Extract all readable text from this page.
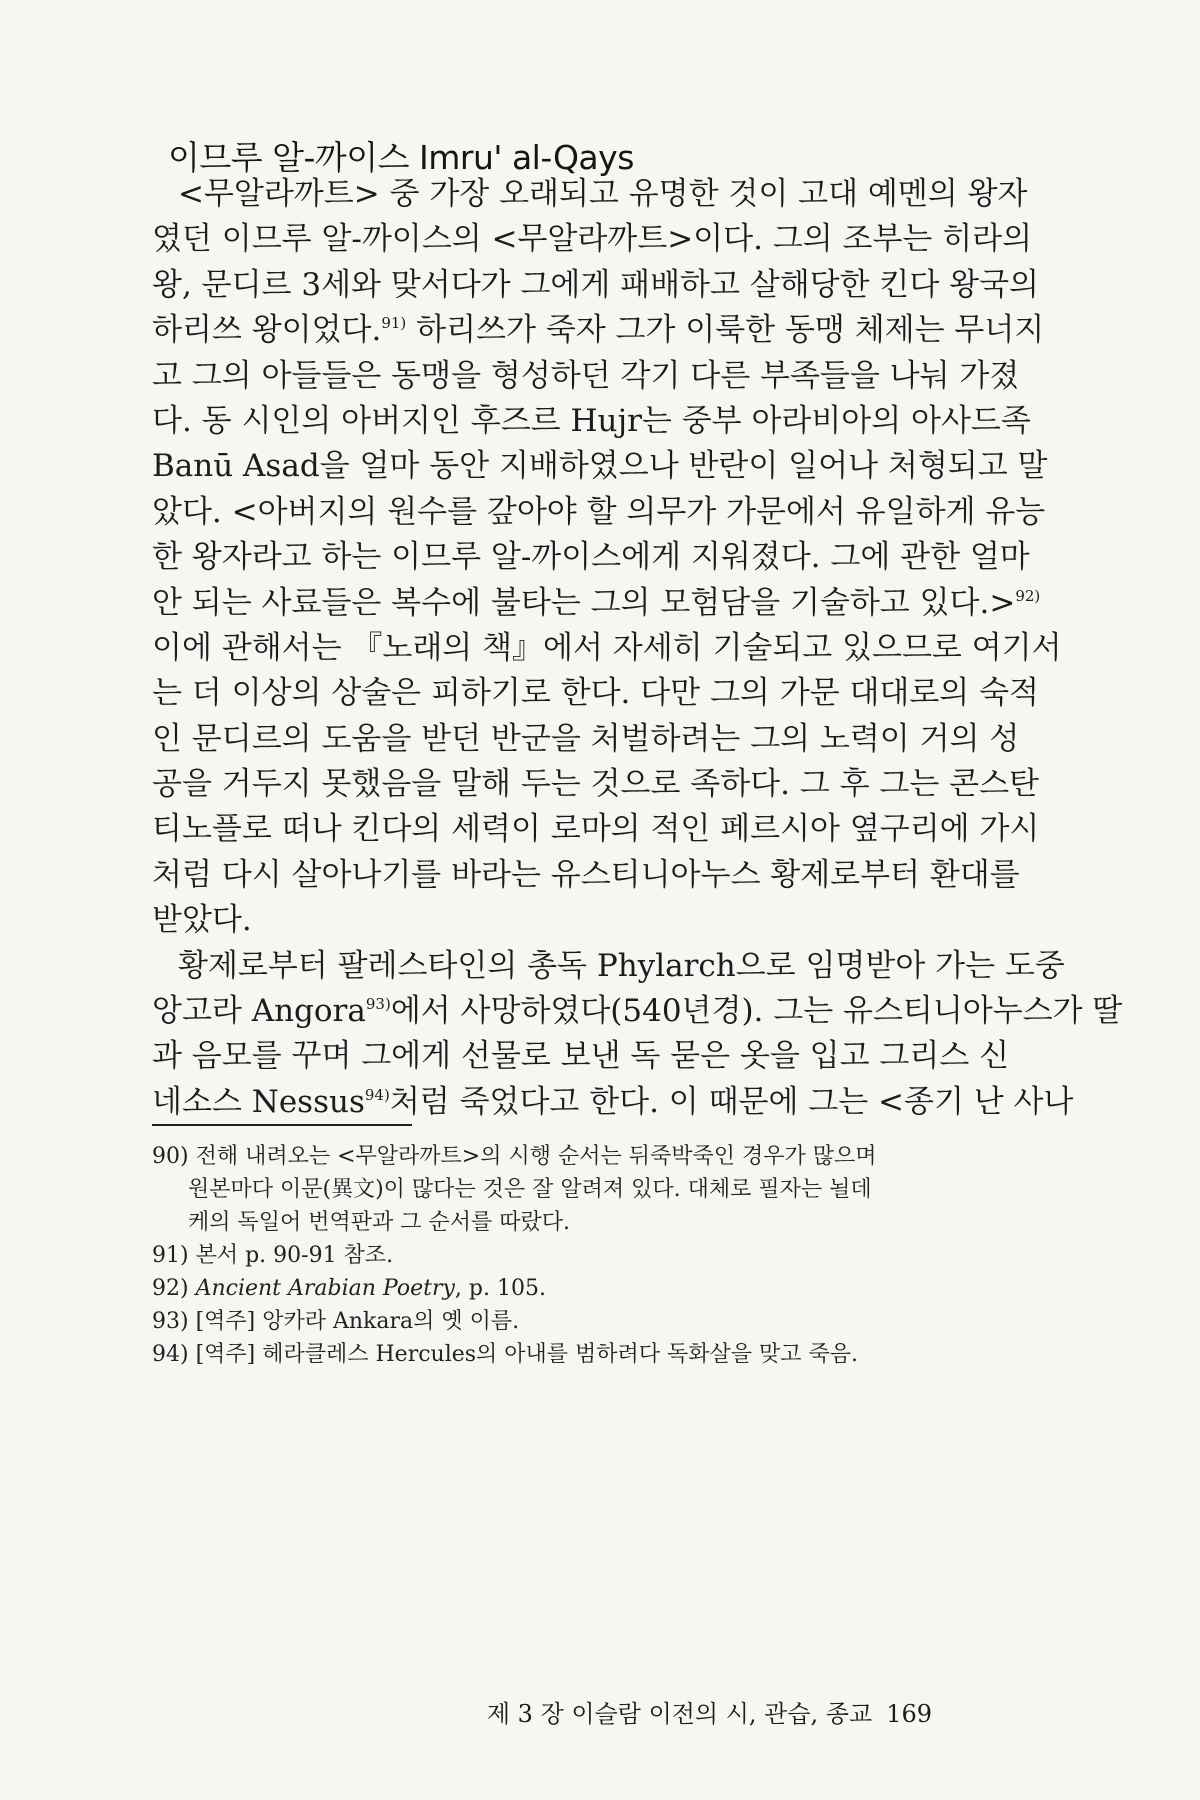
이므루 알-까이스 Imru' al-Qays
<무알라까트> 중 가장 오래되고 유명한 것이 고대 예멘의 왕자
였던 이므루 알-까이스의 <무알라까트>이다. 그의 조부는 히라의
왕, 문디르 3세와 맞서다가 그에게 패배하고 살해당한 킨다 왕국의
하리쓰 왕이었다.$^{91)}$ 하리쓰가 죽자 그가 이룩한 동맹 체제는 무너지
고 그의 아들들은 동맹을 형성하던 각기 다른 부족들을 나눠 가졌
다. 동 시인의 아버지인 후즈르 Hujr는 중부 아라비아의 아사드족
Banū Asad을 얼마 동안 지배하였으나 반란이 일어나 처형되고 말
았다. <아버지의 원수를 갚아야 할 의무가 가문에서 유일하게 유능
한 왕자라고 하는 이므루 알-까이스에게 지워졌다. 그에 관한 얼마
안 되는 사료들은 복수에 불타는 그의 모험담을 기술하고 있다.>$^{92)}$
이에 관해서는 『노래의 책』에서 자세히 기술되고 있으므로 여기서
는 더 이상의 상술은 피하기로 한다. 다만 그의 가문 대대로의 숙적
인 문디르의 도움을 받던 반군을 처벌하려는 그의 노력이 거의 성
공을 거두지 못했음을 말해 두는 것으로 족하다. 그 후 그는 콘스탄
티노플로 떠나 킨다의 세력이 로마의 적인 페르시아 옆구리에 가시
처럼 다시 살아나기를 바라는 유스티니아누스 황제로부터 환대를
받았다.
황제로부터 팔레스타인의 총독 Phylarch으로 임명받아 가는 도중
앙고라 Angora$^{93)}$에서 사망하였다(540년경). 그는 유스티니아누스가 딸
과 음모를 꾸며 그에게 선물로 보낸 독 묻은 옷을 입고 그리스 신
네소스 Nessus$^{94)}$처럼 죽었다고 한다. 이 때문에 그는 <종기 난 사나
90) 전해 내려오는 <무알라까트>의 시행 순서는 뒤죽박죽인 경우가 많으며
원본마다 이문(異文)이 많다는 것은 잘 알려져 있다. 대체로 필자는 뇔데
케의 독일어 번역판과 그 순서를 따랐다.
91) 본서 p. 90-91 참조.
92) Ancient Arabian Poetry, p. 105.
93) [역주] 앙카라 Ankara의 옛 이름.
94) [역주] 헤라클레스 Hercules의 아내를 범하려다 독화살을 맞고 죽음.
제 3 장 이슬람 이전의 시, 관습, 종교 169
